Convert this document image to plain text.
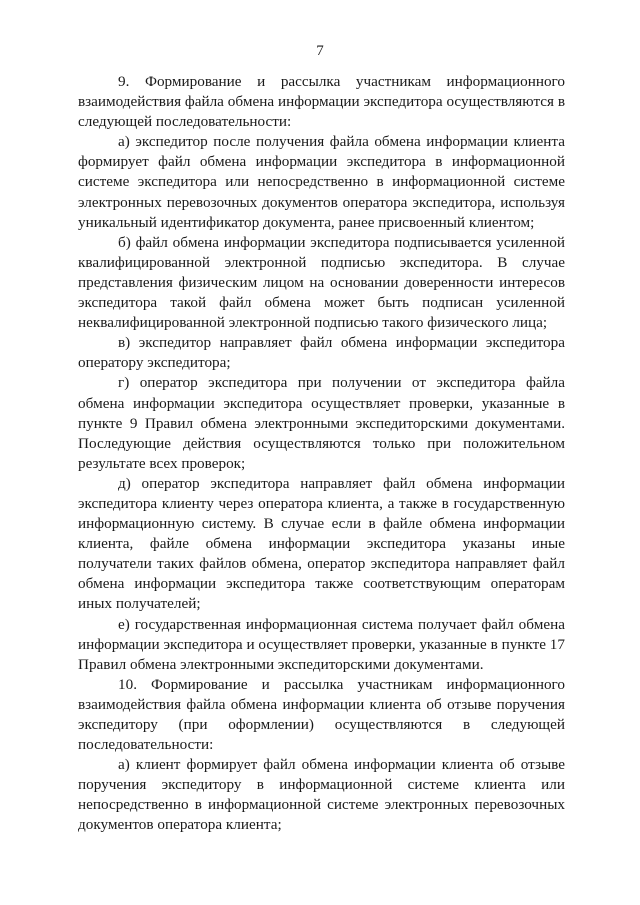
7

9. Формирование и рассылка участникам информационного взаимодействия файла обмена информации экспедитора осуществляются в следующей последовательности:

а) экспедитор после получения файла обмена информации клиента формирует файл обмена информации экспедитора в информационной системе экспедитора или непосредственно в информационной системе электронных перевозочных документов оператора экспедитора, используя уникальный идентификатор документа, ранее присвоенный клиентом;

б) файл обмена информации экспедитора подписывается усиленной квалифицированной электронной подписью экспедитора. В случае представления физическим лицом на основании доверенности интересов экспедитора такой файл обмена может быть подписан усиленной неквалифицированной электронной подписью такого физического лица;

в) экспедитор направляет файл обмена информации экспедитора оператору экспедитора;

г) оператор экспедитора при получении от экспедитора файла обмена информации экспедитора осуществляет проверки, указанные в пункте 9 Правил обмена электронными экспедиторскими документами. Последующие действия осуществляются только при положительном результате всех проверок;

д) оператор экспедитора направляет файл обмена информации экспедитора клиенту через оператора клиента, а также в государственную информационную систему. В случае если в файле обмена информации клиента, файле обмена информации экспедитора указаны иные получатели таких файлов обмена, оператор экспедитора направляет файл обмена информации экспедитора также соответствующим операторам иных получателей;

е) государственная информационная система получает файл обмена информации экспедитора и осуществляет проверки, указанные в пункте 17 Правил обмена электронными экспедиторскими документами.

10. Формирование и рассылка участникам информационного взаимодействия файла обмена информации клиента об отзыве поручения экспедитору (при оформлении) осуществляются в следующей последовательности:

а) клиент формирует файл обмена информации клиента об отзыве поручения экспедитору в информационной системе клиента или непосредственно в информационной системе электронных перевозочных документов оператора клиента;
